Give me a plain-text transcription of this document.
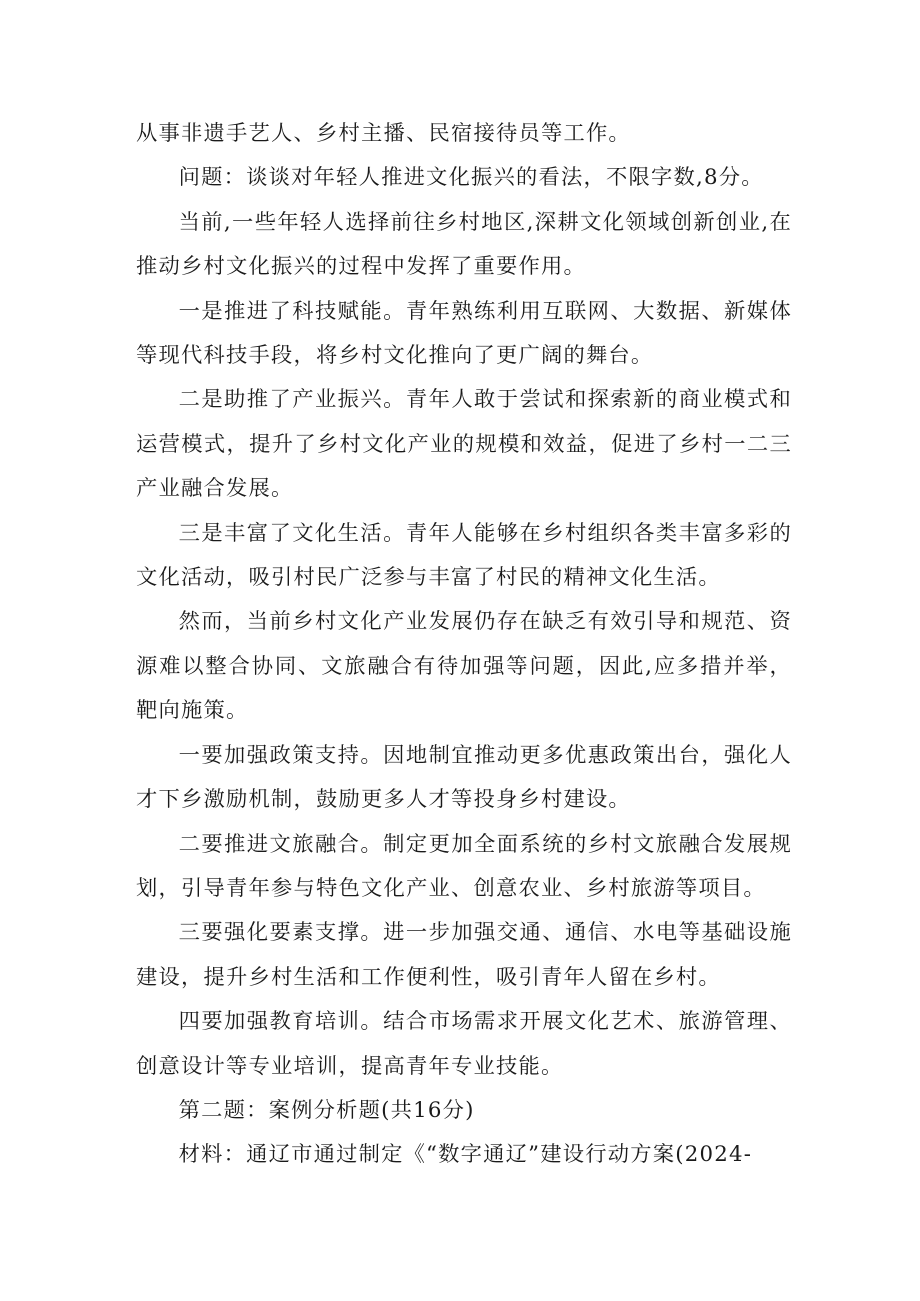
从事非遗手艺人、乡村主播、民宿接待员等工作。

问题：谈谈对年轻人推进文化振兴的看法，不限字数,8分。

当前,一些年轻人选择前往乡村地区,深耕文化领域创新创业,在推动乡村文化振兴的过程中发挥了重要作用。

一是推进了科技赋能。青年熟练利用互联网、大数据、新媒体等现代科技手段，将乡村文化推向了更广阔的舞台。

二是助推了产业振兴。青年人敢于尝试和探索新的商业模式和运营模式，提升了乡村文化产业的规模和效益，促进了乡村一二三产业融合发展。

三是丰富了文化生活。青年人能够在乡村组织各类丰富多彩的文化活动，吸引村民广泛参与丰富了村民的精神文化生活。

然而，当前乡村文化产业发展仍存在缺乏有效引导和规范、资源难以整合协同、文旅融合有待加强等问题，因此,应多措并举，靶向施策。

一要加强政策支持。因地制宜推动更多优惠政策出台，强化人才下乡激励机制，鼓励更多人才等投身乡村建设。

二要推进文旅融合。制定更加全面系统的乡村文旅融合发展规划，引导青年参与特色文化产业、创意农业、乡村旅游等项目。

三要强化要素支撑。进一步加强交通、通信、水电等基础设施建设，提升乡村生活和工作便利性，吸引青年人留在乡村。

四要加强教育培训。结合市场需求开展文化艺术、旅游管理、创意设计等专业培训，提高青年专业技能。

第二题：案例分析题(共16分)

材料：通辽市通过制定《“数字通辽”建设行动方案(2024-
